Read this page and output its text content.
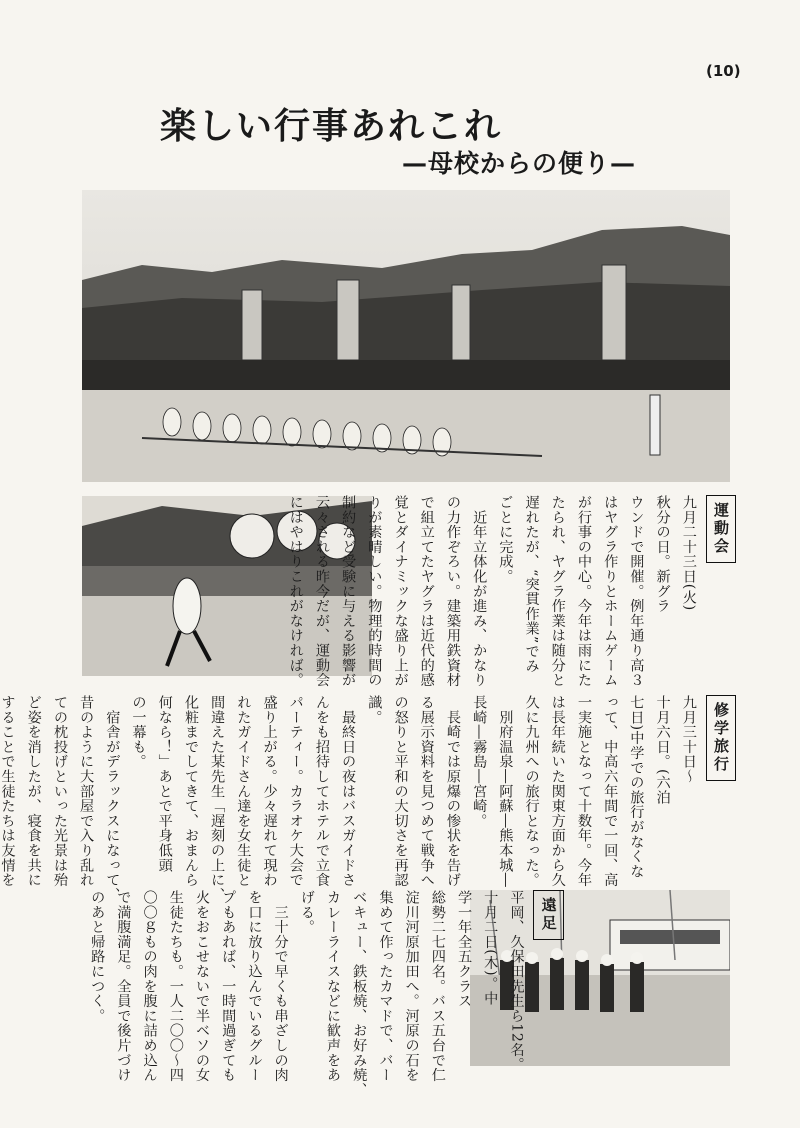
(10)
楽しい行事あれこれ
—母校からの便り—
運動会

九月二十三日(火)

秋分の日。新グラ

ウンドで開催。例年通り高３

はヤグラ作りとホームゲーム

が行事の中心。今年は雨にた

たられ、ヤグラ作業は随分と

遅れたが、“突貫作業”でみ

ごとに完成。

　近年立体化が進み、かなり

の力作ぞろい。建築用鉄資材

で組立てたヤグラは近代的感

覚とダイナミックな盛り上が

りが素晴しい。物理的時間の

制約など受験に与える影響が

云々される昨今だが、運動会

にはやはりこれがなければ。

修学旅行

九月三十日～

十月六日。(六泊

七日)中学での旅行がなくな

って、中高六年間で一回、高

一実施となって十数年。今年

は長年続いた関東方面から久

久に九州への旅行となった。

　別府温泉―阿蘇―熊本城―

長崎―霧島―宮崎。

　長崎では原爆の惨状を告げ

る展示資料を見つめて戦争へ

の怒りと平和の大切さを再認

識。

　最終日の夜はバスガイドさ

んをも招待してホテルで立食

パーティー。カラオケ大会で

盛り上がる。少々遅れて現わ

れたガイドさん達を女生徒と

間違えた某先生「遅刻の上に、

化粧までしてきて、おまんら

何なら！」あとで平身低頭

の一幕も。

　宿舎がデラックスになって、

昔のように大部屋で入り乱れ

ての枕投げといった光景は殆

ど姿を消したが、寝食を共に

することで生徒たちは友情を

遠足

平岡、久保田先生ら12名。

十月二日(木)。中

学一年全五クラス

総勢二七四名。バス五台で仁

淀川河原加田へ。河原の石を

集めて作ったカマドで、バー

ベキュー、鉄板焼、お好み焼、

カレーライスなどに歓声をあ

げる。

　三十分で早くも串ざしの肉

を口に放り込んでいるグルー

プもあれば、一時間過ぎても

火をおこせないで半ベソの女

生徒たちも。一人二〇〇～四

〇〇ｇもの肉を腹に詰め込ん

で満腹満足。全員で後片づけ

のあと帰路につく。
